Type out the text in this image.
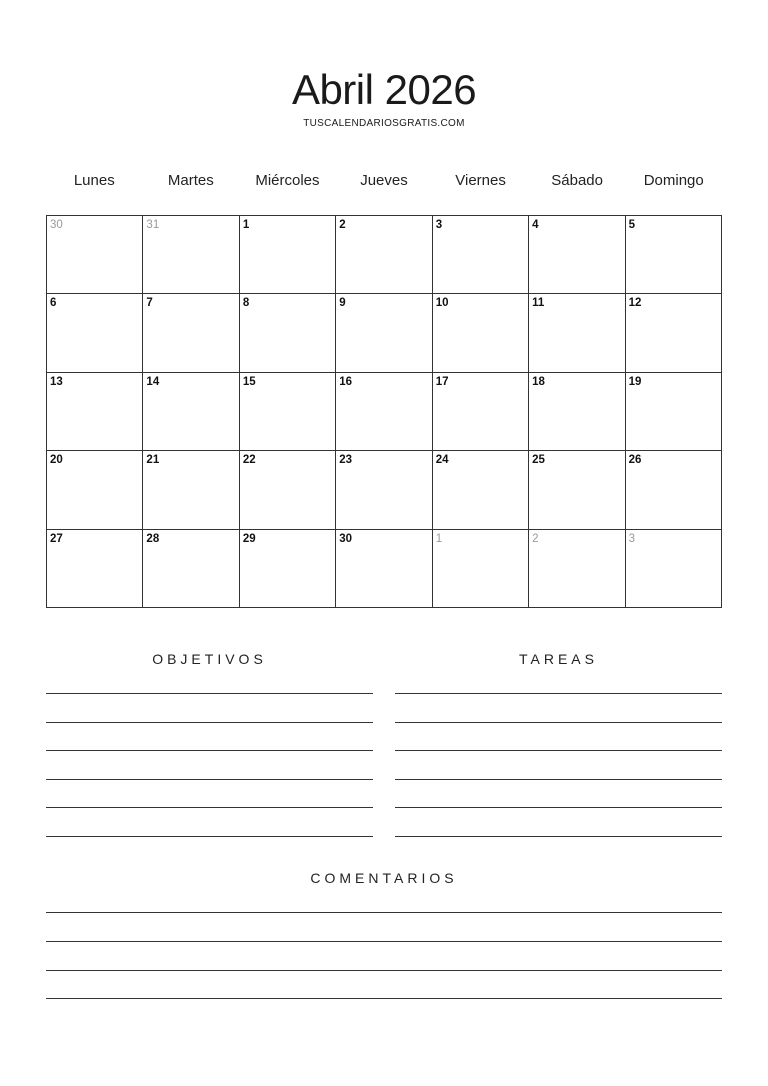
Abril 2026
TUSCALENDARIOSGRATIS.COM
Lunes	Martes	Miércoles	Jueves	Viernes	Sábado	Domingo
30	31	1	2	3	4	5
6	7	8	9	10	11	12
13	14	15	16	17	18	19
20	21	22	23	24	25	26
27	28	29	30	1	2	3
OBJETIVOS	TAREAS
COMENTARIOS
